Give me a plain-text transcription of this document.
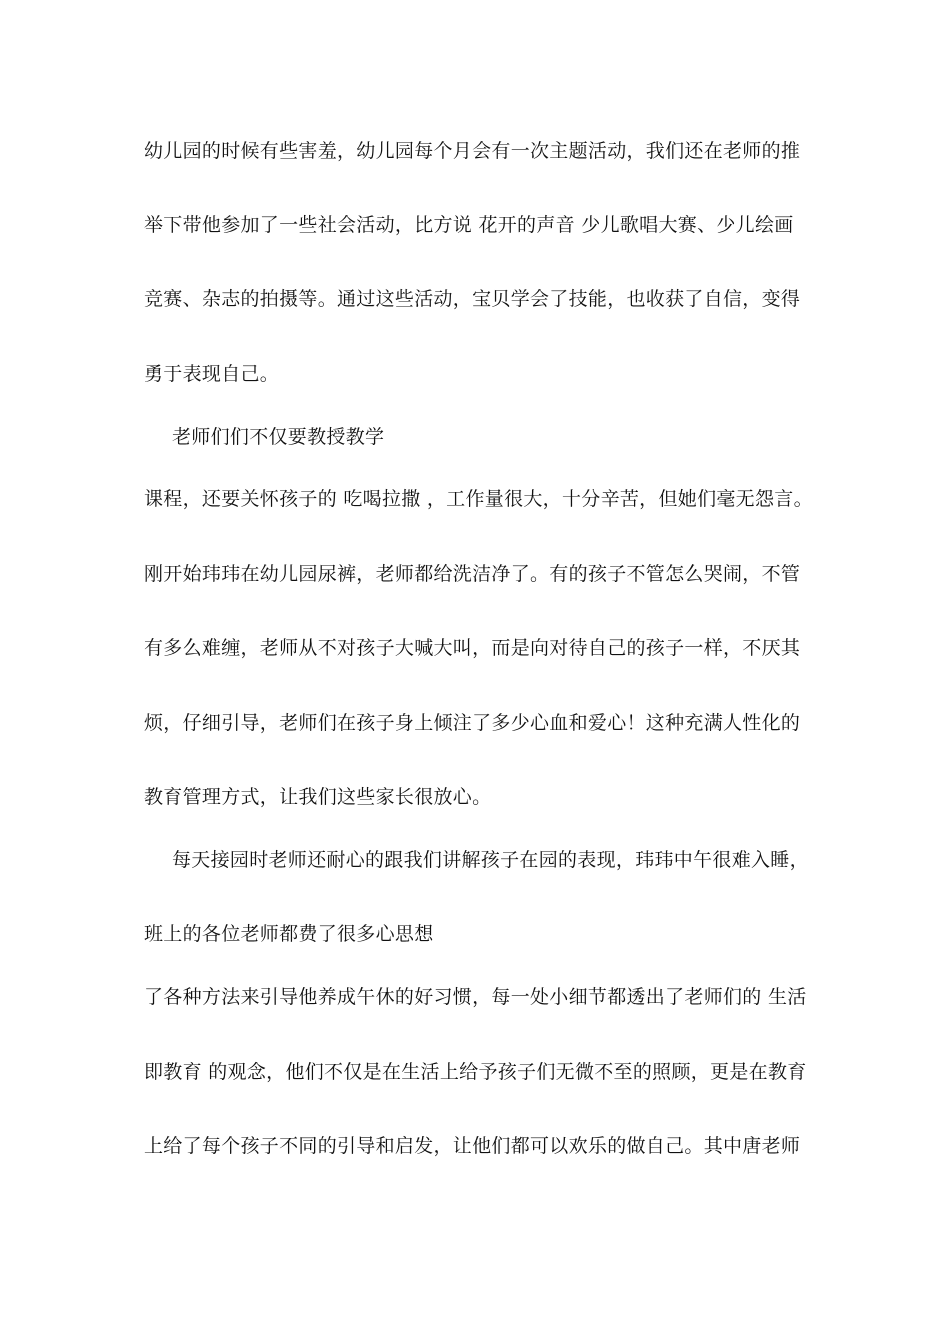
幼儿园的时候有些害羞，幼儿园每个月会有一次主题活动，我们还在老师的推
举下带他参加了一些社会活动，比方说 花开的声音 少儿歌唱大赛、少儿绘画
竞赛、杂志的拍摄等。通过这些活动，宝贝学会了技能，也收获了自信，变得
勇于表现自己。
老师们们不仅要教授教学
课程，还要关怀孩子的 吃喝拉撒 ，工作量很大，十分辛苦，但她们毫无怨言。
刚开始玮玮在幼儿园尿裤，老师都给洗洁净了。有的孩子不管怎么哭闹，不管
有多么难缠，老师从不对孩子大喊大叫，而是向对待自己的孩子一样，不厌其
烦，仔细引导，老师们在孩子身上倾注了多少心血和爱心！这种充满人性化的
教育管理方式，让我们这些家长很放心。
每天接园时老师还耐心的跟我们讲解孩子在园的表现，玮玮中午很难入睡，
班上的各位老师都费了很多心思想
了各种方法来引导他养成午休的好习惯，每一处小细节都透出了老师们的 生活
即教育 的观念，他们不仅是在生活上给予孩子们无微不至的照顾，更是在教育
上给了每个孩子不同的引导和启发，让他们都可以欢乐的做自己。其中唐老师
